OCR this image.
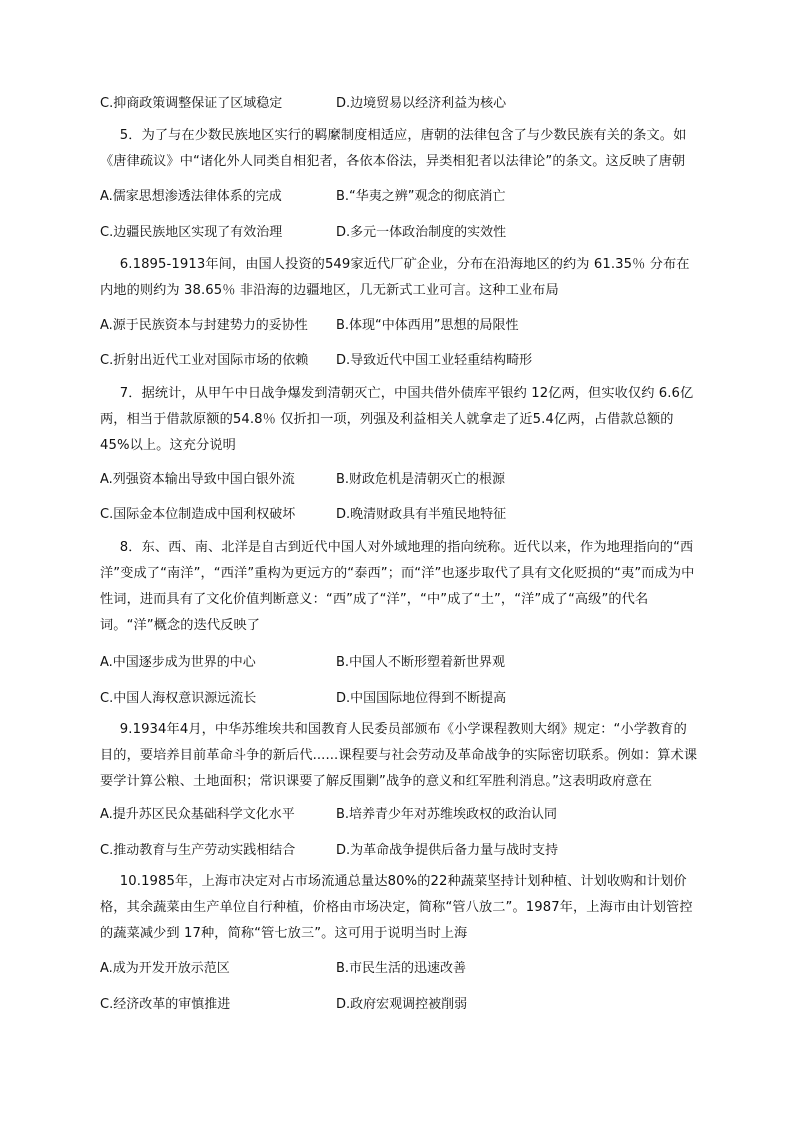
C.抑商政策调整保证了区域稳定	D.边境贸易以经济利益为核心

5．为了与在少数民族地区实行的羁縻制度相适应，唐朝的法律包含了与少数民族有关的条文。如《唐律疏议》中“诸化外人同类自相犯者，各依本俗法，异类相犯者以法律论”的条文。这反映了唐朝

A.儒家思想渗透法律体系的完成	B.“华夷之辨”观念的彻底消亡
C.边疆民族地区实现了有效治理	D.多元一体政治制度的实效性

6.1895-1913年间，由国人投资的549家近代厂矿企业，分布在沿海地区的约为 61.35％ 分布在内地的则约为 38.65％ 非沿海的边疆地区，几无新式工业可言。这种工业布局

A.源于民族资本与封建势力的妥协性 B.体现“中体西用”思想的局限性
C.折射出近代工业对国际市场的依赖 D.导致近代中国工业轻重结构畸形

7．据统计，从甲午中日战争爆发到清朝灭亡，中国共借外债库平银约 12亿两，但实收仅约 6.6亿两，相当于借款原额的54.8％ 仅折扣一项，列强及利益相关人就拿走了近5.4亿两，占借款总额的45%以上。这充分说明

A.列强资本输出导致中国白银外流	B.财政危机是清朝灭亡的根源
C.国际金本位制造成中国利权破坏	D.晚清财政具有半殖民地特征

8．东、西、南、北洋是自古到近代中国人对外域地理的指向统称。近代以来，作为地理指向的“西洋”变成了“南洋”，“西洋”重构为更远方的“泰西”；而“洋”也逐步取代了具有文化贬损的“夷”而成为中性词，进而具有了文化价值判断意义：“西”成了“洋”，“中”成了“土”，“洋”成了“高级”的代名词。“洋”概念的迭代反映了

A.中国逐步成为世界的中心	B.中国人不断形塑着新世界观
C.中国人海权意识源远流长	D.中国国际地位得到不断提高

9.1934年4月，中华苏维埃共和国教育人民委员部颁布《小学课程教则大纲》规定：“小学教育的目的，要培养目前革命斗争的新后代......课程要与社会劳动及革命战争的实际密切联系。例如：算术课要学计算公粮、土地面积；常识课要了解反围剿”战争的意义和红军胜利消息。”这表明政府意在

A.提升苏区民众基础科学文化水平	B.培养青少年对苏维埃政权的政治认同
C.推动教育与生产劳动实践相结合	D.为革命战争提供后备力量与战时支持

10.1985年，上海市决定对占市场流通总量达80%的22种蔬菜坚持计划种植、计划收购和计划价格，其余蔬菜由生产单位自行种植，价格由市场决定，简称“管八放二”。1987年，上海市由计划管控的蔬菜减少到 17种，简称“管七放三”。这可用于说明当时上海

A.成为开发开放示范区	B.市民生活的迅速改善
C.经济改革的审慎推进	D.政府宏观调控被削弱
